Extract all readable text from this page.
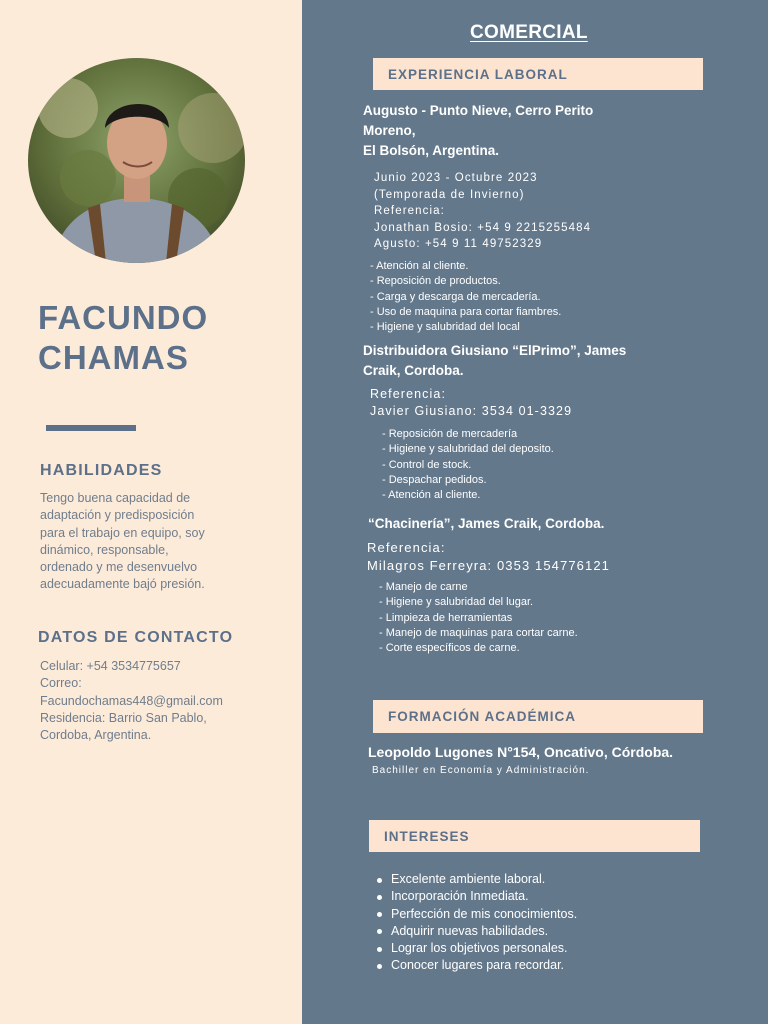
FACUNDO
CHAMAS
HABILIDADES

Tengo buena capacidad de
adaptación y predisposición
para el trabajo en equipo, soy
dinámico, responsable,
ordenado y me desenvuelvo
adecuadamente bajó presión.

DATOS DE CONTACTO
Celular: +54 3534775657
Correo:
Facundochamas448@gmail.com
Residencia: Barrio San Pablo,
Cordoba, Argentina.
COMERCIAL
EXPERIENCIA LABORAL
Augusto - Punto Nieve, Cerro Perito
Moreno,
El Bolsón, Argentina.
Junio 2023 - Octubre 2023
(Temporada de Invierno)
Referencia:
Jonathan Bosio: +54 9 2215255484
Agusto: +54 9 11 49752329
- Atención al cliente.
- Reposición de productos.
- Carga y descarga de mercadería.
- Uso de maquina para cortar fiambres.
- Higiene y salubridad del local
Distribuidora Giusiano “ElPrimo”, James
Craik, Cordoba.
Referencia:
Javier Giusiano: 3534 01-3329
- Reposición de mercadería
- Higiene y salubridad del deposito.
- Control de stock.
- Despachar pedidos.
- Atención al cliente.
“Chacinería”, James Craik, Cordoba.
Referencia:
Milagros Ferreyra: 0353 154776121
- Manejo de carne
- Higiene y salubridad del lugar.
- Limpieza de herramientas
- Manejo de maquinas para cortar carne.
- Corte específicos de carne.
FORMACIÓN ACADÉMICA
Leopoldo Lugones N°154, Oncativo, Córdoba.
Bachiller en Economía y Administración.
INTERESES
Excelente ambiente laboral.
Incorporación Inmediata.
Perfección de mis conocimientos.
Adquirir nuevas habilidades.
Lograr los objetivos personales.
Conocer lugares para recordar.
